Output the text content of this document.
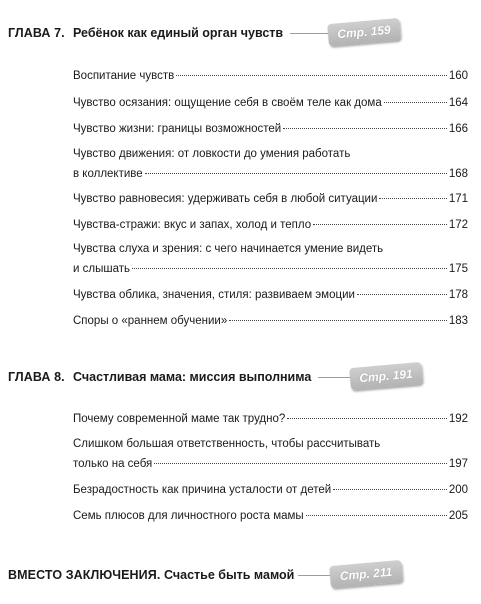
ГЛАВА 7. Ребёнок как единый орган чувств	Стр. 159
Воспитание чувств	160
Чувство осязания: ощущение себя в своём теле как дома	164
Чувство жизни: границы возможностей	166
Чувство движения: от ловкости до умения работать
в коллективе	168
Чувство равновесия: удерживать себя в любой ситуации	171
Чувства-стражи: вкус и запах, холод и тепло	172
Чувства слуха и зрения: с чего начинается умение видеть
и слышать	175
Чувства облика, значения, стиля: развиваем эмоции	178
Споры о «раннем обучении»	183
ГЛАВА 8. Счастливая мама: миссия выполнима	Стр. 191
Почему современной маме так трудно?	192
Слишком большая ответственность, чтобы рассчитывать
только на себя	197
Безрадостность как причина усталости от детей	200
Семь плюсов для личностного роста мамы	205
ВМЕСТО ЗАКЛЮЧЕНИЯ. Счастье быть мамой	Стр. 211
